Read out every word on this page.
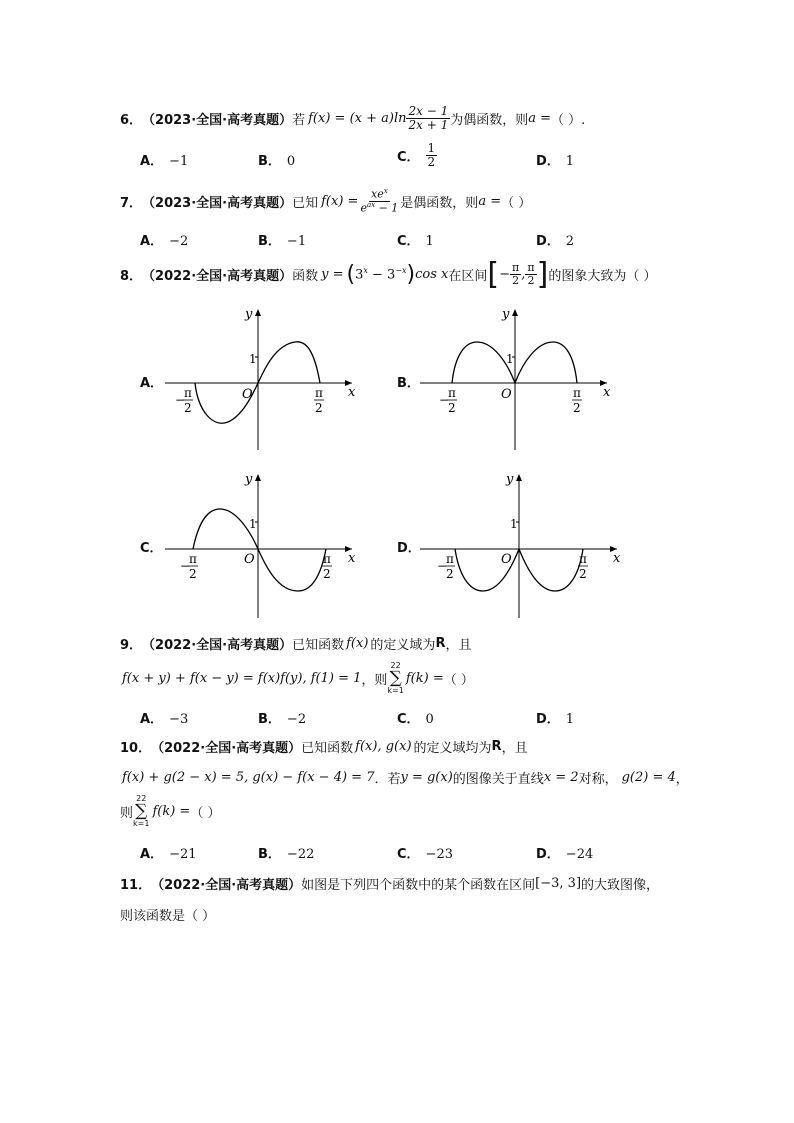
6． （2023·全国·高考真题） 若 $f(x) = (x + a)\ln \frac{2x - 1}{2x + 1}$ 为偶函数，则 a = （ ）.
A． −1	B． 0	C． $\frac{1}{2}$	D． 1
7． （2023·全国·高考真题） 已知 $f(x) = \frac{xe^x}{e^{ax} - 1}$ 是偶函数，则 a = （ ）
A． −2	B． −1	C． 1	D． 2
8． （2022·全国·高考真题） 函数 y = ( $3^x - 3^{-x}$ ) cos x 在区间 [ − $\frac{\pi}{2}$ , $\frac{\pi}{2}$ ] 的图象大致为（ ）
A．
y
x
O
1
−
π
2
π
2
B．
y
x
O
1
−
π
2
π
2
C．
y
x
O
1
−
π
2
π
2
D．
y
x
O
1
−
π
2
π
2
9． （2022·全国·高考真题） 已知函数 f(x) 的定义域为 R ，且
f(x + y) + f(x − y) = f(x)f(y), f(1) = 1 ，则
22
∑
k=1
f(k) = （ ）
A． −3	B． −2	C． 0	D． 1
10． （2022·全国·高考真题） 已知函数 f(x), g(x) 的定义域均为 R ，且
f(x) + g(2 − x) = 5, g(x) − f(x − 4) = 7 ．若 y = g(x) 的图像关于直线 x = 2 对称， g(2) = 4 ，
则
22
∑
k=1
f(k) = （ ）
A． −21	B． −22	C． −23	D． −24
11． （2022·全国·高考真题） 如图是下列四个函数中的某个函数在区间 [−3, 3] 的大致图像，
则该函数是（ ）
